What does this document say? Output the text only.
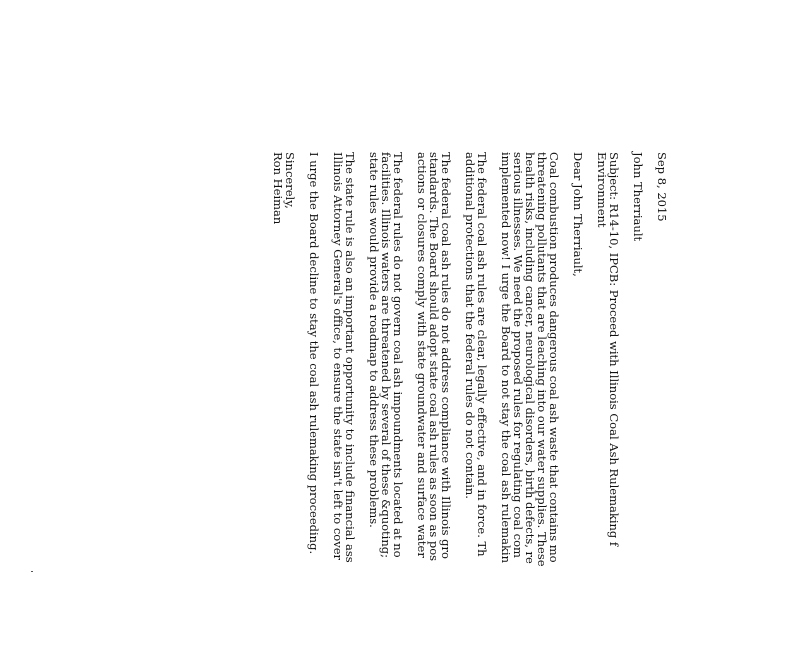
Sep 8, 2015
John Therriault
Subject: R14-10, IPCB: Proceed with Illinois Coal Ash Rulemaking f
Environment
Dear John Therriault,
Coal combustion produces dangerous coal ash waste that contains mo
threatening pollutants that are leaching into our water supplies. These
health risks, including cancer, neurological disorders, birth defects, re
serious illnesses. We need the proposed rules for regulating coal com
implemented now! I urge the Board to not stay the coal ash rulemakin
The federal coal ash rules are clear, legally effective, and in force. Th
additional protections that the federal rules do not contain.
The federal coal ash rules do not address compliance with Illinois gro
standards. The Board should adopt state coal ash rules as soon as pos
actions or closures comply with state groundwater and surface water
The federal rules do not govern coal ash impoundments located at no
facilities. Illinois waters are threatened by several of these &quoting;
state rules would provide a roadmap to address these problems.
The state rule is also an important opportunity to include financial ass
Illinois Attorney General's office, to ensure the state isn't left to cover
I urge the Board decline to stay the coal ash rulemaking proceeding.
Sincerely,
Ron Heiman
